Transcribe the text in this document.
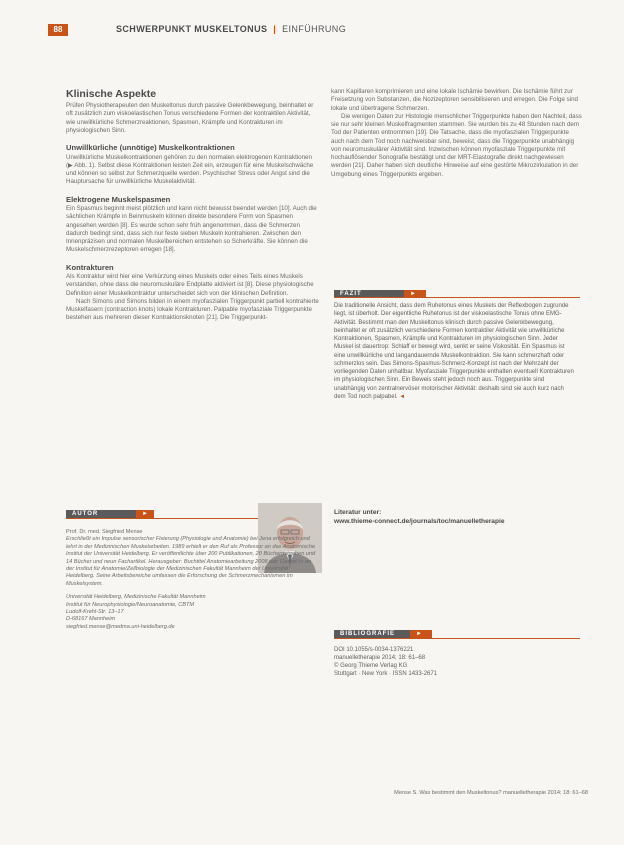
88	SCHWERPUNKT MUSKELTONUS | EINFÜHRUNG
Klinische Aspekte

Prüfen Physiotherapeuten den Muskeltonus durch passive Gelenkbewegung, beinhaltet er oft zusätzlich zum viskoelastischen Tonus verschiedene Formen der kontraktilen Aktivität, wie unwillkürliche Schmerzreaktionen, Spasmen, Krämpfe und Kontrakturen im physiologischen Sinn.

Unwillkürliche (unnötige) Muskelkontraktionen

Unwillkürliche Muskelkontraktionen gehören zu den normalen elektrogenen Kontraktionen (▶ Abb. 1). Selbst diese Kontraktionen leisten Zeit ein, erzeugen für eine Muskelschwäche und können so selbst zur Schmerzquelle werden. Psychischer Stress oder Angst sind die Hauptursache für unwillkürliche Muskelaktivität.

Elektrogene Muskelspasmen

Ein Spasmus beginnt meist plötzlich und kann nicht bewusst beendet werden [10]. Auch die sächlichen Krämpfe in Beinmuskeln können direkte besondere Form von Spasmen angesehen werden [8]. Es wurde schon sehr früh angenommen, dass die Schmerzen dadurch bedingt sind, dass sich nur feste sieben Muskeln kontrahieren. Zwischen den Innenpräzisen und normalen Muskelbereichen entstehen so Scherkräfte. Sie können die Muskelschmerzrezeptoren erregen [18].

Kontrakturen

Als Kontraktur wird hier eine Verkürzung eines Muskels oder eines Teils eines Muskels verstanden, ohne dass die neuromuskuläre Endplatte aktiviert ist [8]. Diese physiologische Definition einer Muskelkontraktur unterscheidet sich von der klinischen Definition.

Nach Simons und Simons bilden in einem myofaszialen Triggerpunkt partiell kontrahierte Muskelfasern (contraction knots) lokale Kontrakturen. Palpable myofasziale Triggerpunkte bestehen aus mehreren dieser Kontraktionsknoten [21]. Die Triggerpunkt-

kann Kapillaren komprimieren und eine lokale Ischämie bewirken. Die Ischämie führt zur Freisetzung von Substanzen, die Nozizeptoren sensibilisieren und erregen. Die Folge sind lokale und übertragene Schmerzen.

Die wenigen Daten zur Histologie menschlicher Triggerpunkte haben den Nachteil, dass sie nur sehr kleinen Muskelfragmenten stammen. Sie wurden bis zu 48 Stunden nach dem Tod der Patienten entnommen [19]. Die Tatsache, dass die myofaszialen Triggerpunkte auch nach dem Tod noch nachweisbar sind, beweist, dass die Triggerpunkte unabhängig von neuromuskulärer Aktivität sind. Inzwischen können myofasziale Triggerpunkte mit hochauflösender Sonografie bestätigt und der MRT-Elastografie direkt nachgewiesen werden [21]. Daher haben sich deutliche Hinweise auf eine gestörte Mikrozirkulation in der Umgebung eines Triggerpunkts ergeben.

FAZIT	►

Die traditionelle Ansicht, dass dem Ruhetonus eines Muskels der Reflexbogen zugrunde liegt, ist überholt. Der eigentliche Ruhetonus ist der viskoelastische Tonus ohne EMG-Aktivität. Bestimmt man den Muskeltonus klinisch durch passive Gelenkbewegung, beinhaltet er oft zusätzlich verschiedene Formen kontraktiler Aktivität wie unwillkürliche Kontraktionen, Spasmen, Krämpfe und Kontrakturen im physiologischen Sinn. Jeder Muskel ist dauertrop: Schlaff er bewegt wird, senkt er seine Viskosität. Ein Spasmus ist eine unwillkürliche und langandauernde Muskelkontraktion. Sie kann schmerzhaft oder schmerzlos sein. Das Simons-Spasmus-Schmerz-Konzept ist nach der Mehrzahl der vorliegenden Daten unhaltbar. Myofasziale Triggerpunkte enthalten eventuell Kontrakturen im physiologischen Sinn. Ein Beweis steht jedoch noch aus. Triggerpunkte sind unabhängig von zentralnervöser motorischer Aktivität: deshalb sind sie auch kurz nach dem Tod noch palpabel. ◄

Literatur unter:
www.thieme-connect.de/journals/toc/manuelletherapie
AUTOR	►

Prof. Dr. med. Siegfried Mense

Erschließt ein Impulse sensorischer Fixierung (Physiologie und Anatomie) bei Jena erfolgreich und lehrt in der Medizinischen Muskelarbeiten. 1989 erhielt er den Ruf als Professor an das Anatomische Institut der Universität Heidelberg. Er veröffentlichte über 200 Publikationen, 20 Büchermitgaben und 14 Bücher und neun Fachartikel. Herausgeber: Buchtitel Anatomiearbeitung 2008 war Gasbel in an der Institut für Anatomie/Zellbiologie der Medizinischen Fakultät Mannheim der Universität Heidelberg. Seine Arbeitsbereiche umfassen die Erforschung der Schmerzmechanismen im Muskelsystem.

Universität Heidelberg, Medizinische Fakultät Mannheim

Institut für Neurophysiologie/Neuroanatomie, CBTM

Ludolf-Krehl-Str. 13–17

D-68167 Mannheim

siegfried.mense@medma.uni-heidelberg.de

BIBLIOGRAFIE	►

DOI 10.1055/s-0034-1376221

manuelletherapie 2014; 18: 61–68

© Georg Thieme Verlag KG

Stuttgart · New York · ISSN 1433-2671

Mense S. Was bestimmt den Muskeltonus? manuelletherapie 2014; 18: 61–68
